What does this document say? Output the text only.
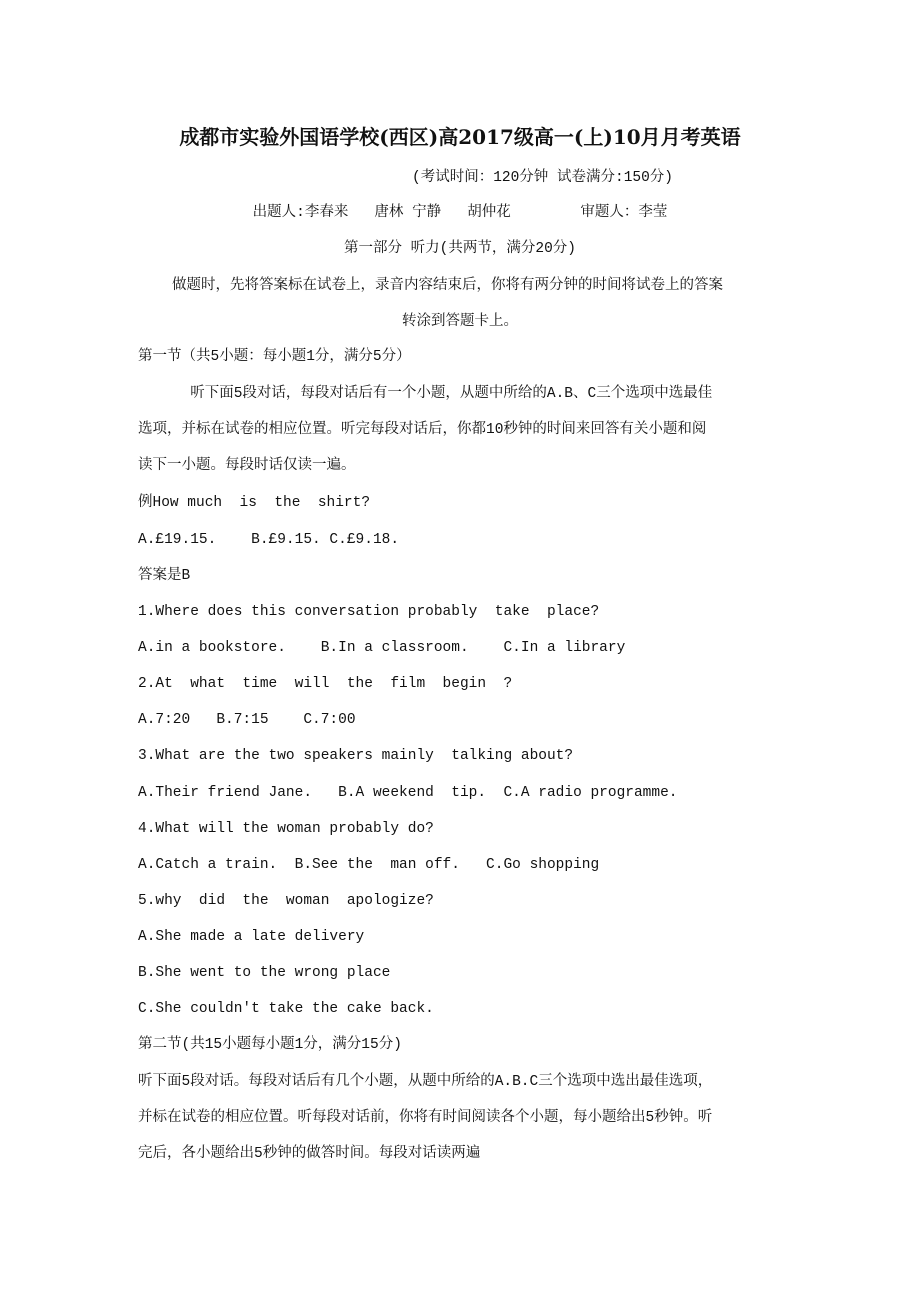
成都市实验外国语学校(西区)高2017级高一(上)10月月考英语
(考试时间：120分钟 试卷满分:150分)
出题人:李春来   唐林 宁静   胡仲花        审题人：李莹
第一部分 听力(共两节，满分20分)
做题时，先将答案标在试卷上，录音内容结束后，你将有两分钟的时间将试卷上的答案
转涂到答题卡上。
第一节（共5小题：每小题1分，满分5分）
听下面5段对话，每段对话后有一个小题，从题中所给的A.B、C三个选项中选最佳
选项，并标在试卷的相应位置。听完每段对话后，你都10秒钟的时间来回答有关小题和阅
读下一小题。每段时话仅读一遍。
例How much  is  the  shirt?
A.£19.15.    B.£9.15. C.£9.18.
答案是B
1.Where does this conversation probably  take  place?
A.in a bookstore.    B.In a classroom.    C.In a library
2.At  what  time  will  the  film  begin  ?
A.7:20   B.7:15    C.7:00
3.What are the two speakers mainly  talking about?
A.Their friend Jane.   B.A weekend  tip.  C.A radio programme.
4.What will the woman probably do?
A.Catch a train.  B.See the  man off.   C.Go shopping
5.why  did  the  woman  apologize?
A.She made a late delivery
B.She went to the wrong place
C.She couldn't take the cake back.
第二节(共15小题每小题1分，满分15分)
听下面5段对话。每段对话后有几个小题，从题中所给的A.B.C三个选项中选出最佳选项，
并标在试卷的相应位置。听每段对话前，你将有时间阅读各个小题，每小题给出5秒钟。听
完后，各小题给出5秒钟的做答时间。每段对话读两遍
